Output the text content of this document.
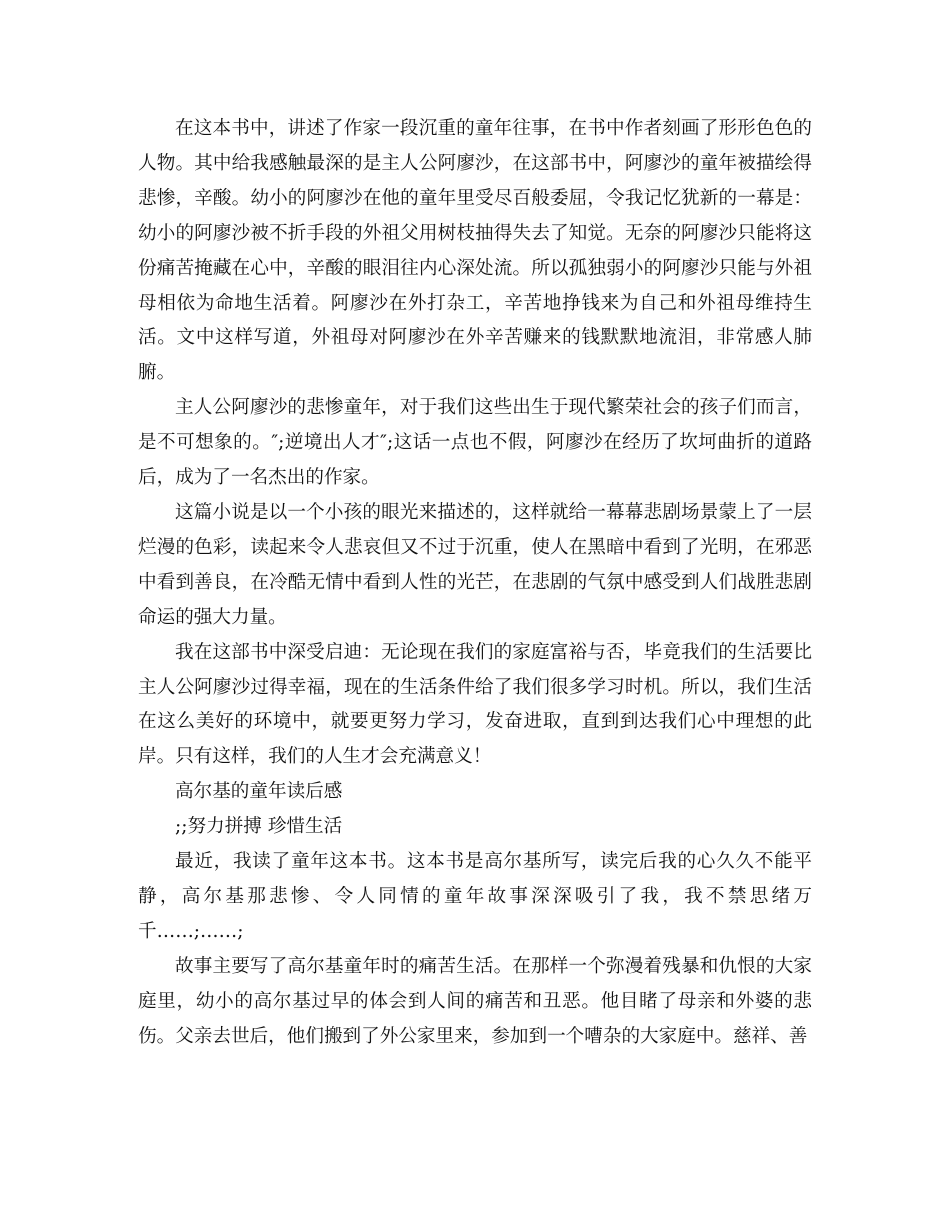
在这本书中，讲述了作家一段沉重的童年往事，在书中作者刻画了形形色色的人物。其中给我感触最深的是主人公阿廖沙，在这部书中，阿廖沙的童年被描绘得悲惨，辛酸。幼小的阿廖沙在他的童年里受尽百般委屈，令我记忆犹新的一幕是：幼小的阿廖沙被不折手段的外祖父用树枝抽得失去了知觉。无奈的阿廖沙只能将这份痛苦掩藏在心中，辛酸的眼泪往内心深处流。所以孤独弱小的阿廖沙只能与外祖母相依为命地生活着。阿廖沙在外打杂工，辛苦地挣钱来为自己和外祖母维持生活。文中这样写道，外祖母对阿廖沙在外辛苦赚来的钱默默地流泪，非常感人肺腑。

主人公阿廖沙的悲惨童年，对于我们这些出生于现代繁荣社会的孩子们而言，是不可想象的。″;逆境出人才″;这话一点也不假，阿廖沙在经历了坎坷曲折的道路后，成为了一名杰出的作家。

这篇小说是以一个小孩的眼光来描述的，这样就给一幕幕悲剧场景蒙上了一层烂漫的色彩，读起来令人悲哀但又不过于沉重，使人在黑暗中看到了光明，在邪恶中看到善良，在冷酷无情中看到人性的光芒，在悲剧的气氛中感受到人们战胜悲剧命运的强大力量。

我在这部书中深受启迪：无论现在我们的家庭富裕与否，毕竟我们的生活要比主人公阿廖沙过得幸福，现在的生活条件给了我们很多学习时机。所以，我们生活在这么美好的环境中，就要更努力学习，发奋进取，直到到达我们心中理想的此岸。只有这样，我们的人生才会充满意义！

高尔基的童年读后感

;;努力拼搏 珍惜生活

最近，我读了童年这本书。这本书是高尔基所写，读完后我的心久久不能平静，高尔基那悲惨、令人同情的童年故事深深吸引了我，我不禁思绪万千……;……;

故事主要写了高尔基童年时的痛苦生活。在那样一个弥漫着残暴和仇恨的大家庭里，幼小的高尔基过早的体会到人间的痛苦和丑恶。他目睹了母亲和外婆的悲伤。父亲去世后，他们搬到了外公家里来，参加到一个嘈杂的大家庭中。慈祥、善
